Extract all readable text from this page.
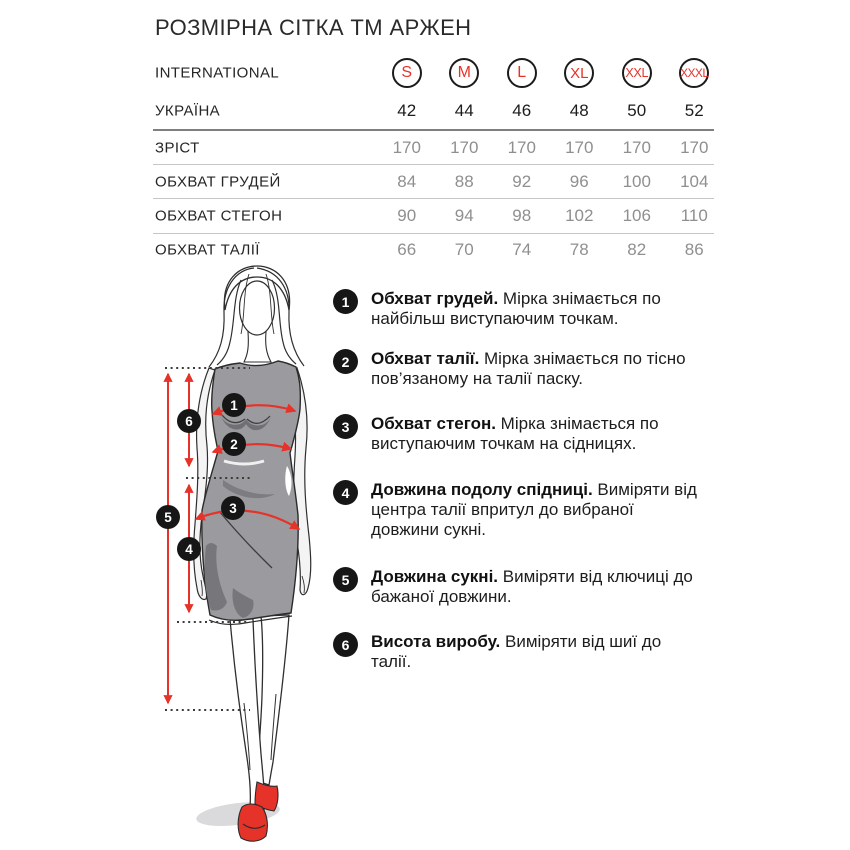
РОЗМІРНА СІТКА ТМ АРЖЕН
INTERNATIONAL	S	M	L	XL	XXL	XXXL
УКРАЇНА	42 44 46 48 50 52
ЗРІСТ	170 170 170 170 170 170
ОБХВАТ ГРУДЕЙ	84 88 92 96 100 104
ОБХВАТ СТЕГОН	90 94 98 102 106 110
ОБХВАТ ТАЛІЇ	66 70 74 78 82 86
1
2
3
4
5
6
1	Обхват грудей. Мірка знімається по найбільш виступаючим точкам.
2	Обхват талії. Мірка знімається по тісно пов’язаному на талії паску.
3	Обхват стегон. Мірка знімається по виступаючим точкам на сідницях.
4	Довжина подолу спідниці. Виміряти від центра талії впритул до вибраної довжини сукні.
5	Довжина сукні. Виміряти від ключиці до бажаної довжини.
6	Висота виробу. Виміряти від шиї до талії.
